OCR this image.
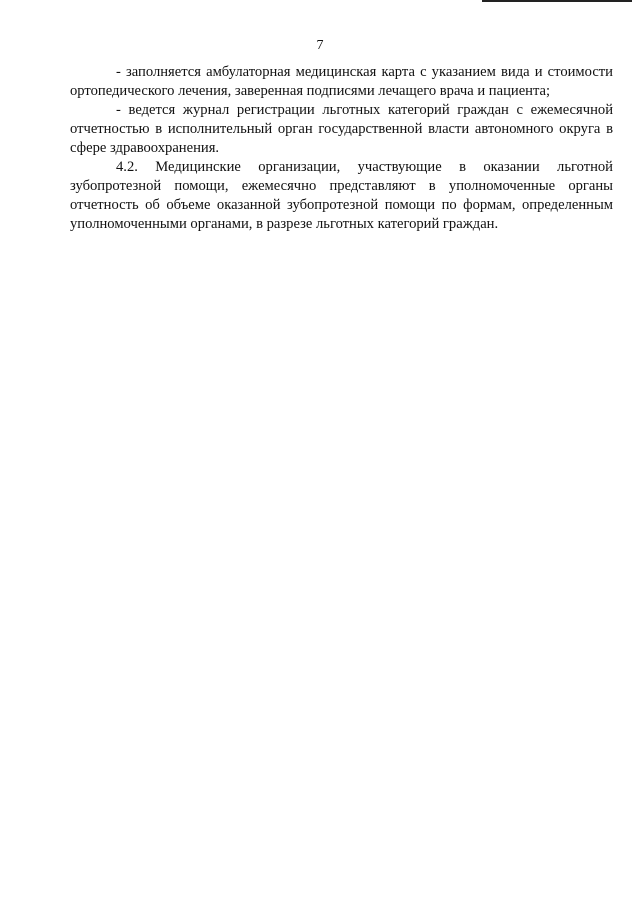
7

- заполняется амбулаторная медицинская карта с указанием вида и стоимости ортопедического лечения, заверенная подписями лечащего врача и пациента;

- ведется журнал регистрации льготных категорий граждан с ежемесячной отчетностью в исполнительный орган государственной власти автономного округа в сфере здравоохранения.

4.2. Медицинские организации, участвующие в оказании льготной зубопротезной помощи, ежемесячно представляют в уполномоченные органы отчетность об объеме оказанной зубопротезной помощи по формам, определенным уполномоченными органами, в разрезе льготных категорий граждан.
